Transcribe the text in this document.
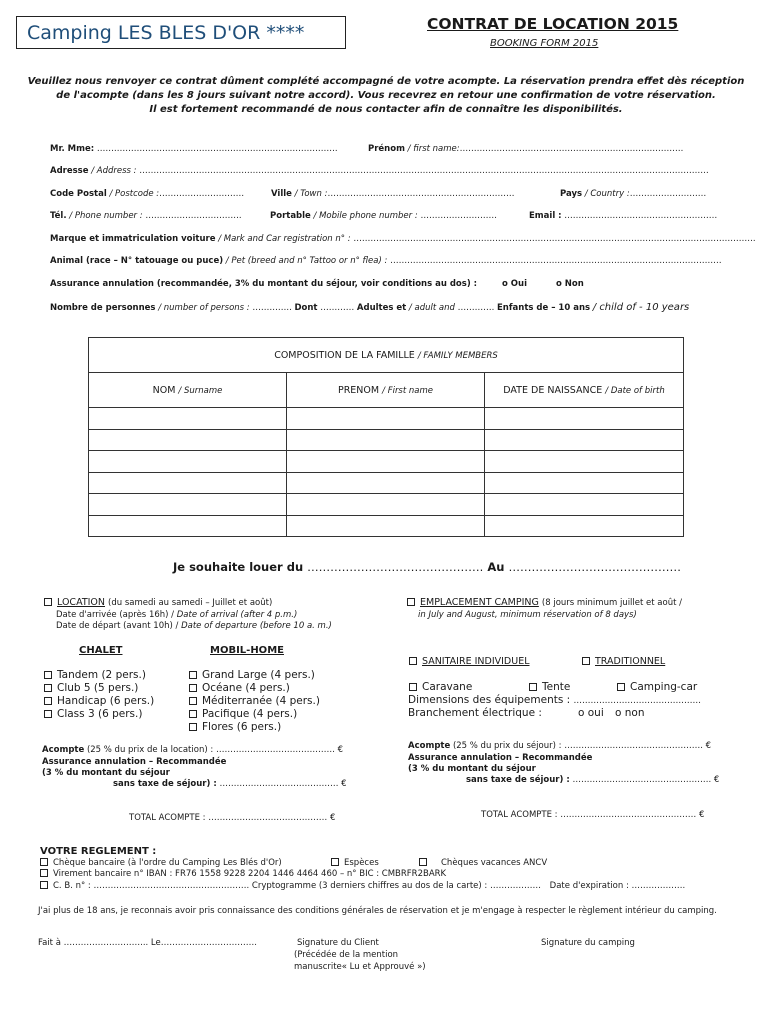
Camping LES BLES D'OR ****	CONTRAT DE LOCATION 2015
BOOKING FORM 2015
Veuillez nous renvoyer ce contrat dûment complété accompagné de votre acompte. La réservation prendra effet dès réception de l'acompte (dans les 8 jours suivant notre accord). Vous recevrez en retour une confirmation de votre réservation.
Il est fortement recommandé de nous contacter afin de connaître les disponibilités.
Mr. Mme: ………………………………………………………………………….	Prénom / first name:…………………………………………………………………….
Adresse / Address : …………………………………………………………………………………………………………………………………………………………………………………
Code Postal / Postcode :…………………………	Ville / Town :…………………………………………………………	Pays / Country :………………………
Tél. / Phone number : …………………………….	Portable / Mobile phone number : ………………………	Email : ………………………………………………
Marque et immatriculation voiture / Mark and Car registration n° : …………………………………………………………………………………………………………………………….
Animal (race – N° tatouage ou puce) / Pet (breed and n° Tattoo or n° flea) : ………………………………………………………………………………………………………
Assurance annulation (recommandée, 3% du montant du séjour, voir conditions au dos) :	o Oui	o Non
Nombre de personnes / number of persons : ………….. Dont ………… Adultes et / adult and …………. Enfants de – 10 ans / child of - 10 years
COMPOSITION DE LA FAMILLE / FAMILY MEMBERS		
NOM / Surname	PRENOM / First name	DATE DE NAISSANCE / Date of birth

Je souhaite louer du ………………………………………. Au ………………………………………
LOCATION (du samedi au samedi – Juillet et août)
Date d'arrivée (après 16h) / Date of arrival (after 4 p.m.)
Date de départ (avant 10h) / Date of departure (before 10 a. m.)
CHALET	MOBIL-HOME
Tandem (2 pers.)
Club 5 (5 pers.)
Handicap (6 pers.)
Class 3 (6 pers.)
Grand Large (4 pers.)
Océane (4 pers.)
Méditerranée (4 pers.)
Pacifique (4 pers.)
Flores (6 pers.)
Acompte (25 % du prix de la location) : …………………………………… €
Assurance annulation – Recommandée
(3 % du montant du séjour
sans taxe de séjour) : …………………………………… €
TOTAL ACOMPTE : …………………………………… €
EMPLACEMENT CAMPING (8 jours minimum juillet et août /
in July and August, minimum réservation of 8 days)
SANITAIRE INDIVIDUEL	TRADITIONNEL
Caravane	Tente	Camping-car
Dimensions des équipements : ………………………………………
Branchement électrique :	o oui o non
Acompte (25 % du prix du séjour) : …………………………………………. €
Assurance annulation – Recommandée
(3 % du montant du séjour
sans taxe de séjour) : …………………………………………. €
TOTAL ACOMPTE : ………………………………………… €
VOTRE REGLEMENT :
Chèque bancaire (à l'ordre du Camping Les Blés d'Or)	Espèces	Chèques vacances ANCV
Virement bancaire n° IBAN : FR76 1558 9228 2204 1446 4464 460 – n° BIC : CMBRFR2BARK
C. B. n° : ………………………………………………. Cryptogramme (3 derniers chiffres au dos de la carte) : ……………… Date d'expiration : ……………….
J'ai plus de 18 ans, je reconnais avoir pris connaissance des conditions générales de réservation et je m'engage à respecter le règlement intérieur du camping.
Fait à ………………………... Le…………………………….	Signature du Client
(Précédée de la mention
manuscrite« Lu et Approuvé »)
Signature du camping
